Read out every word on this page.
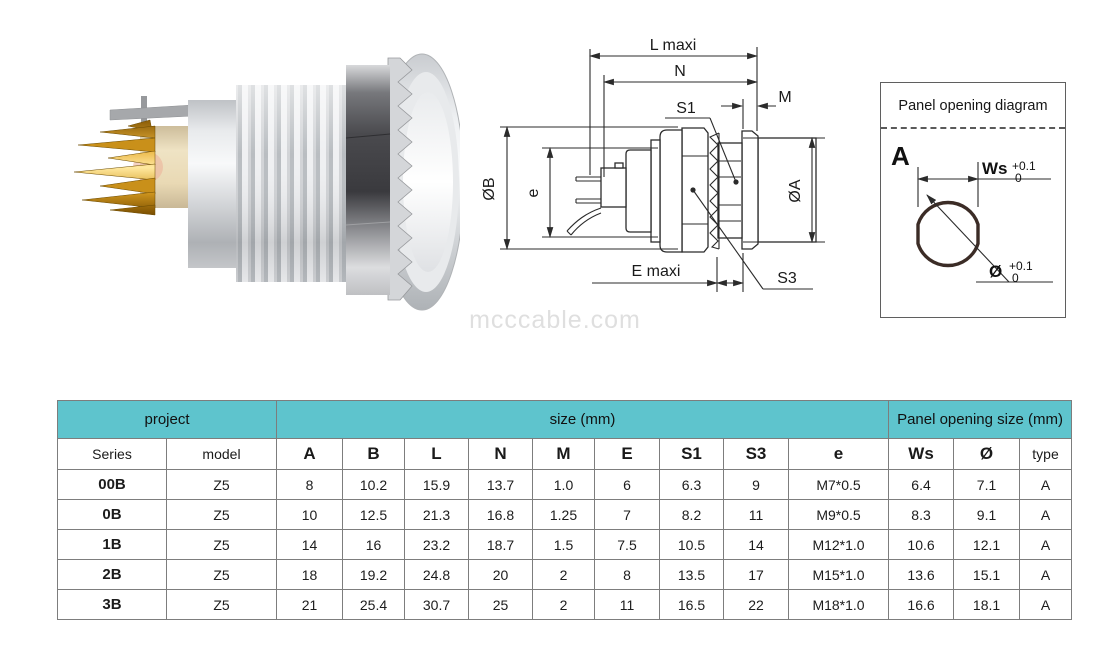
L maxi
N
M
S1
S3
ØB e	ØA
E maxi
Panel opening diagram
A	Ws +0.1
0
Ø +0.1
0
mcccable.com
project		size (mm)									Panel opening size (mm)		
Series	model	A	B	L	N	M	E	S1	S3	e	Ws	Ø	type
00B	Z5	8	10.2	15.9	13.7	1.0	6	6.3	9	M7*0.5	6.4	7.1	A
0B	Z5	10	12.5	21.3	16.8	1.25	7	8.2	11	M9*0.5	8.3	9.1	A
1B	Z5	14	16	23.2	18.7	1.5	7.5	10.5	14	M12*1.0	10.6	12.1	A
2B	Z5	18	19.2	24.8	20	2	8	13.5	17	M15*1.0	13.6	15.1	A
3B	Z5	21	25.4	30.7	25	2	11	16.5	22	M18*1.0	16.6	18.1	A
